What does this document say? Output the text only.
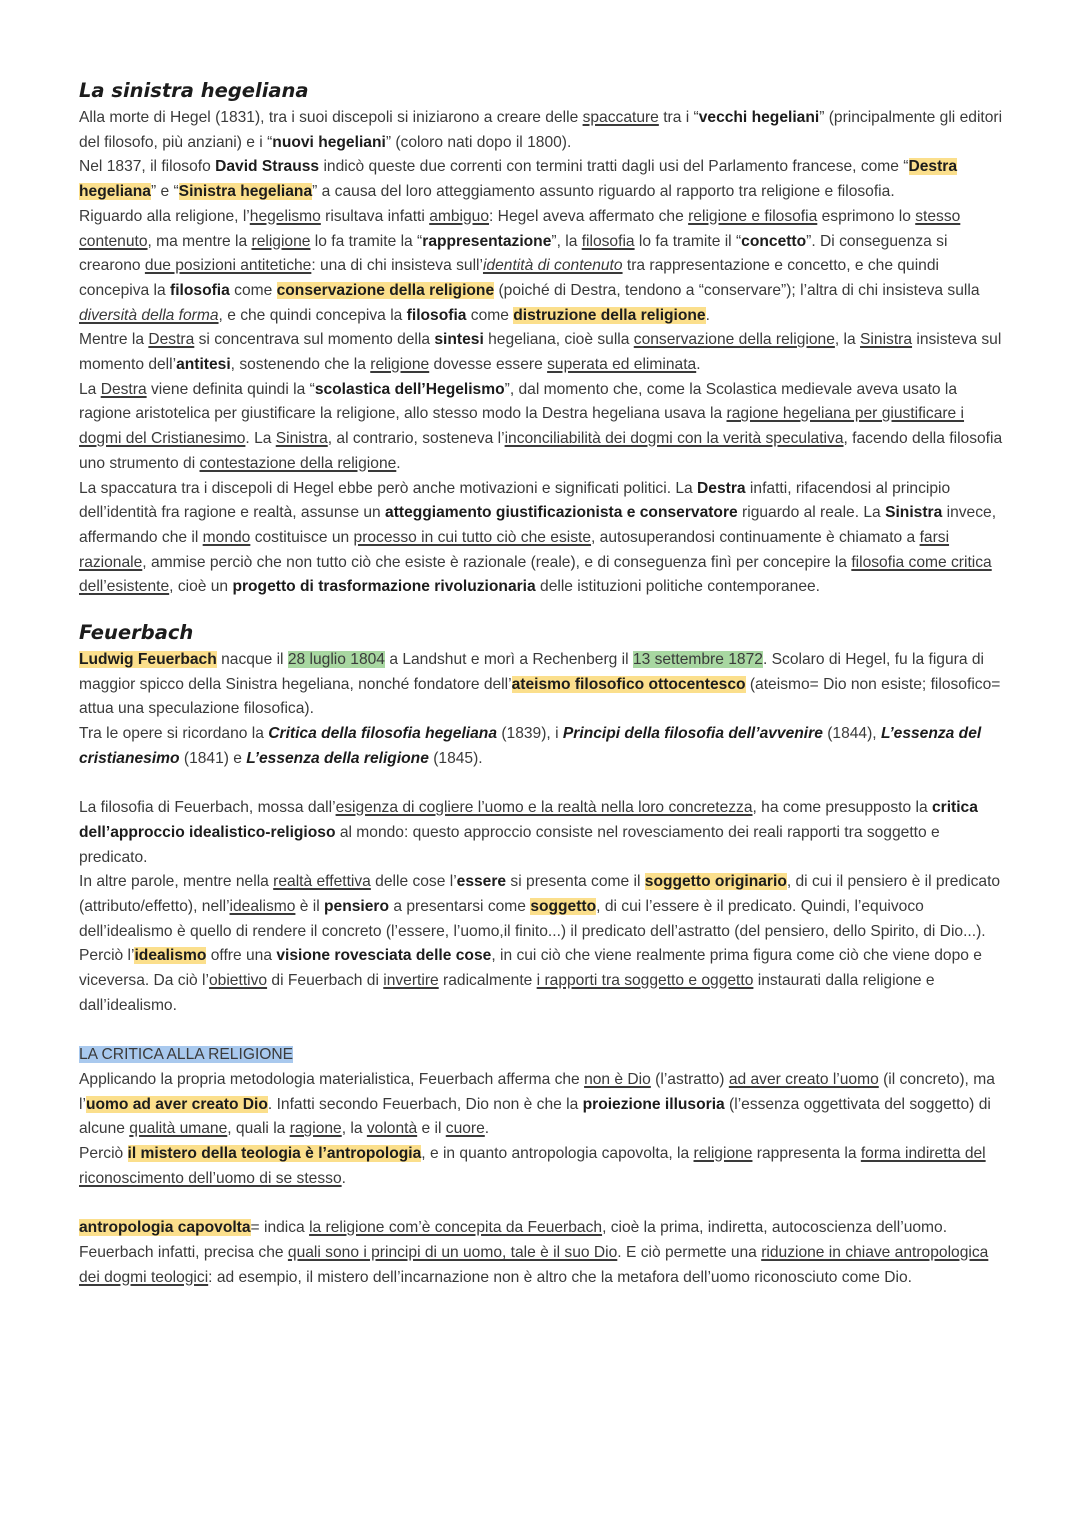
La sinistra hegeliana

Alla morte di Hegel (1831), tra i suoi discepoli si iniziarono a creare delle spaccature tra i “vecchi hegeliani” (principalmente gli editori del filosofo, più anziani) e i “nuovi hegeliani” (coloro nati dopo il 1800).

Nel 1837, il filosofo David Strauss indicò queste due correnti con termini tratti dagli usi del Parlamento francese, come “Destra hegeliana” e “Sinistra hegeliana” a causa del loro atteggiamento assunto riguardo al rapporto tra religione e filosofia.

Riguardo alla religione, l’hegelismo risultava infatti ambiguo: Hegel aveva affermato che religione e filosofia esprimono lo stesso contenuto, ma mentre la religione lo fa tramite la “rappresentazione”, la filosofia lo fa tramite il “concetto”. Di conseguenza si crearono due posizioni antitetiche: una di chi insisteva sull’identità di contenuto tra rappresentazione e concetto, e che quindi concepiva la filosofia come conservazione della religione (poiché di Destra, tendono a “conservare”); l’altra di chi insisteva sulla diversità della forma, e che quindi concepiva la filosofia come distruzione della religione.

Mentre la Destra si concentrava sul momento della sintesi hegeliana, cioè sulla conservazione della religione, la Sinistra insisteva sul momento dell’antitesi, sostenendo che la religione dovesse essere superata ed eliminata.

La Destra viene definita quindi la “scolastica dell’Hegelismo”, dal momento che, come la Scolastica medievale aveva usato la ragione aristotelica per giustificare la religione, allo stesso modo la Destra hegeliana usava la ragione hegeliana per giustificare i dogmi del Cristianesimo. La Sinistra, al contrario, sosteneva l’inconciliabilità dei dogmi con la verità speculativa, facendo della filosofia uno strumento di contestazione della religione.

La spaccatura tra i discepoli di Hegel ebbe però anche motivazioni e significati politici. La Destra infatti, rifacendosi al principio dell’identità fra ragione e realtà, assunse un atteggiamento giustificazionista e conservatore riguardo al reale. La Sinistra invece, affermando che il mondo costituisce un processo in cui tutto ciò che esiste, autosuperandosi continuamente è chiamato a farsi razionale, ammise perciò che non tutto ciò che esiste è razionale (reale), e di conseguenza finì per concepire la filosofia come critica dell’esistente, cioè un progetto di trasformazione rivoluzionaria delle istituzioni politiche contemporanee.

Feuerbach

Ludwig Feuerbach nacque il 28 luglio 1804 a Landshut e morì a Rechenberg il 13 settembre 1872. Scolaro di Hegel, fu la figura di maggior spicco della Sinistra hegeliana, nonché fondatore dell’ateismo filosofico ottocentesco (ateismo= Dio non esiste; filosofico= attua una speculazione filosofica).

Tra le opere si ricordano la Critica della filosofia hegeliana (1839), i Principi della filosofia dell’avvenire (1844), L’essenza del cristianesimo (1841) e L’essenza della religione (1845).

La filosofia di Feuerbach, mossa dall’esigenza di cogliere l’uomo e la realtà nella loro concretezza, ha come presupposto la critica dell’approccio idealistico-religioso al mondo: questo approccio consiste nel rovesciamento dei reali rapporti tra soggetto e predicato.

In altre parole, mentre nella realtà effettiva delle cose l’essere si presenta come il soggetto originario, di cui il pensiero è il predicato (attributo/effetto), nell’idealismo è il pensiero a presentarsi come soggetto, di cui l’essere è il predicato. Quindi, l’equivoco dell’idealismo è quello di rendere il concreto (l’essere, l’uomo,il finito...) il predicato dell’astratto (del pensiero, dello Spirito, di Dio...).

Perciò l’idealismo offre una visione rovesciata delle cose, in cui ciò che viene realmente prima figura come ciò che viene dopo e viceversa. Da ciò l’obiettivo di Feuerbach di invertire radicalmente i rapporti tra soggetto e oggetto instaurati dalla religione e dall’idealismo.

LA CRITICA ALLA RELIGIONE

Applicando la propria metodologia materialistica, Feuerbach afferma che non è Dio (l’astratto) ad aver creato l’uomo (il concreto), ma l’uomo ad aver creato Dio. Infatti secondo Feuerbach, Dio non è che la proiezione illusoria (l’essenza oggettivata del soggetto) di alcune qualità umane, quali la ragione, la volontà e il cuore.

Perciò il mistero della teologia è l’antropologia, e in quanto antropologia capovolta, la religione rappresenta la forma indiretta del riconoscimento dell’uomo di se stesso.

antropologia capovolta= indica la religione com’è concepita da Feuerbach, cioè la prima, indiretta, autocoscienza dell’uomo. Feuerbach infatti, precisa che quali sono i principi di un uomo, tale è il suo Dio. E ciò permette una riduzione in chiave antropologica dei dogmi teologici: ad esempio, il mistero dell’incarnazione non è altro che la metafora dell’uomo riconosciuto come Dio.
